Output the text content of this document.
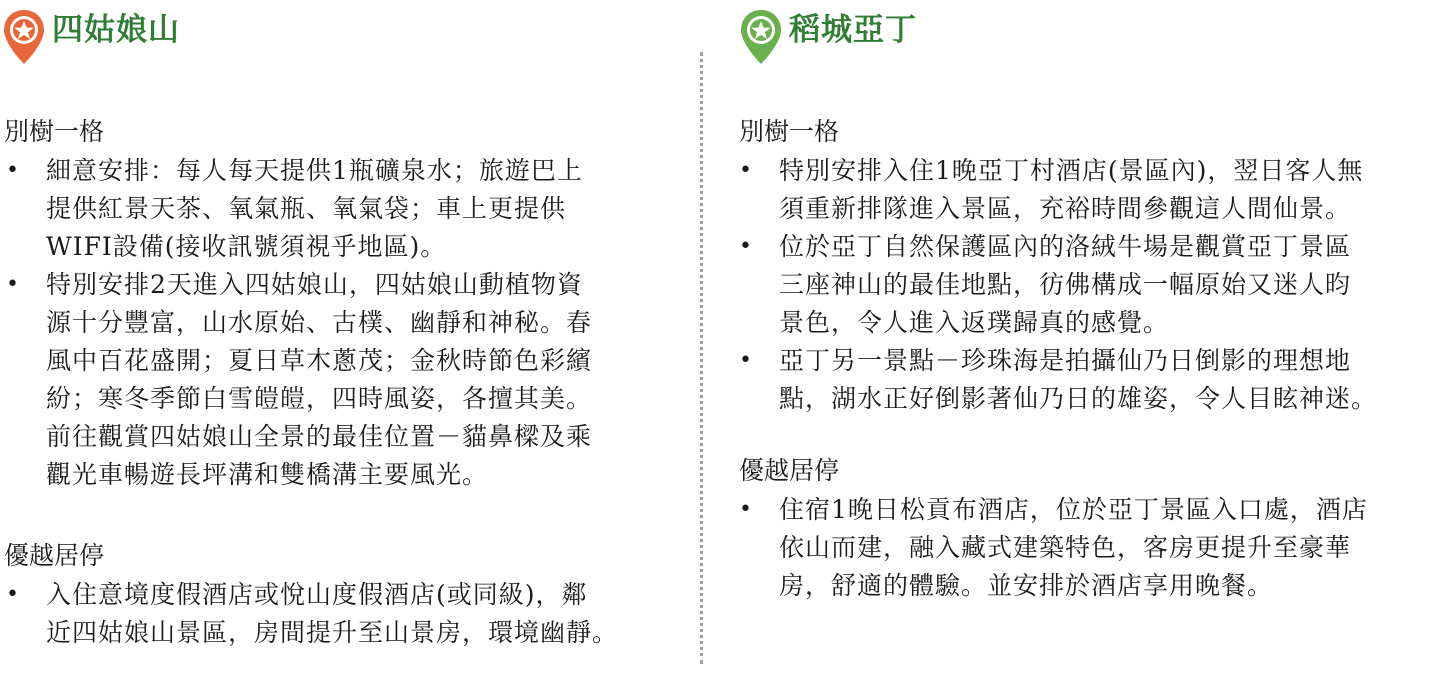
四姑娘山
別樹一格
• 細意安排：每人每天提供1瓶礦泉水；旅遊巴上
提供紅景天茶、氧氣瓶、氧氣袋；車上更提供
WIFI設備(接收訊號須視乎地區)。
• 特別安排2天進入四姑娘山，四姑娘山動植物資
源十分豐富，山水原始、古樸、幽靜和神秘。春
風中百花盛開；夏日草木蔥茂；金秋時節色彩繽
紛；寒冬季節白雪皚皚，四時風姿，各擅其美。
前往觀賞四姑娘山全景的最佳位置－貓鼻樑及乘
觀光車暢遊長坪溝和雙橋溝主要風光。
優越居停
• 入住意境度假酒店或悅山度假酒店(或同級)，鄰
近四姑娘山景區，房間提升至山景房，環境幽靜。
稻城亞丁
別樹一格
• 特別安排入住1晚亞丁村酒店(景區內)，翌日客人無
須重新排隊進入景區，充裕時間參觀這人間仙景。
• 位於亞丁自然保護區內的洛絨牛場是觀賞亞丁景區
三座神山的最佳地點，彷佛構成一幅原始又迷人昀
景色，令人進入返璞歸真的感覺。
• 亞丁另一景點－珍珠海是拍攝仙乃日倒影的理想地
點，湖水正好倒影著仙乃日的雄姿，令人目眩神迷。
優越居停
• 住宿1晚日松貢布酒店，位於亞丁景區入口處，酒店
依山而建，融入藏式建築特色，客房更提升至豪華
房，舒適的體驗。並安排於酒店享用晚餐。
